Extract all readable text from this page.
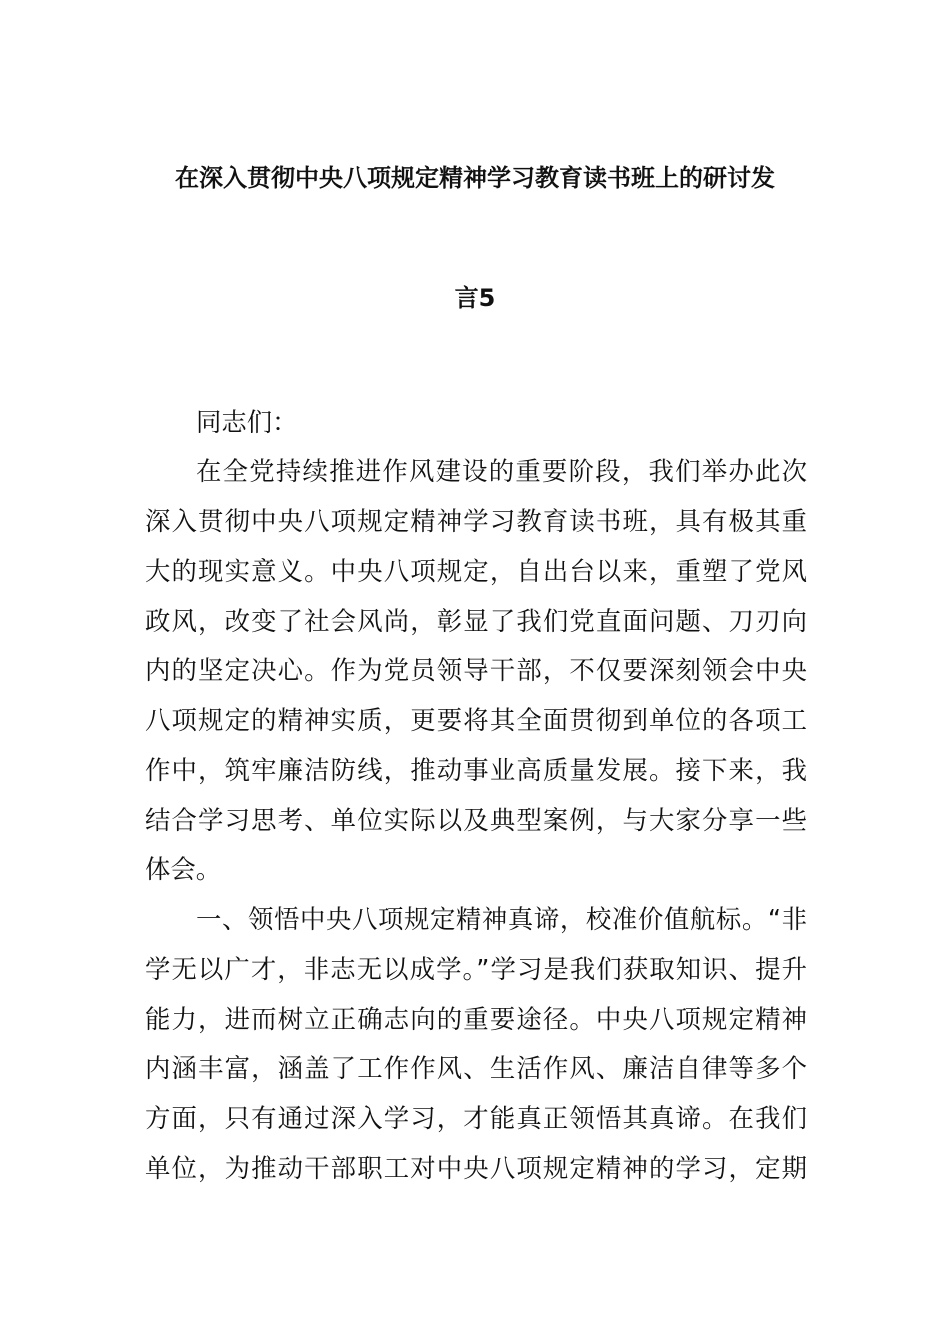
在深入贯彻中央八项规定精神学习教育读书班上的研讨发
言5
同志们：
在全党持续推进作风建设的重要阶段，我们举办此次
深入贯彻中央八项规定精神学习教育读书班，具有极其重
大的现实意义。中央八项规定，自出台以来，重塑了党风
政风，改变了社会风尚，彰显了我们党直面问题、刀刃向
内的坚定决心。作为党员领导干部，不仅要深刻领会中央
八项规定的精神实质，更要将其全面贯彻到单位的各项工
作中，筑牢廉洁防线，推动事业高质量发展。接下来，我
结合学习思考、单位实际以及典型案例，与大家分享一些
体会。
一、领悟中央八项规定精神真谛，校准价值航标。“非
学无以广才，非志无以成学。”学习是我们获取知识、提升
能力，进而树立正确志向的重要途径。中央八项规定精神
内涵丰富，涵盖了工作作风、生活作风、廉洁自律等多个
方面，只有通过深入学习，才能真正领悟其真谛。在我们
单位，为推动干部职工对中央八项规定精神的学习，定期
